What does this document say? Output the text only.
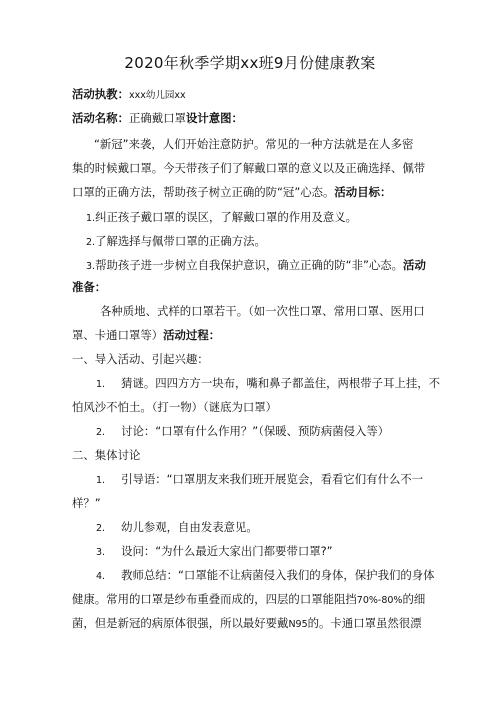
2020年秋季学期xx班9月份健康教案
活动执教：xxx幼儿园xx
活动名称：正确戴口罩设计意图：
“新冠”来袭，人们开始注意防护。常见的一种方法就是在人多密
集的时候戴口罩。今天带孩子们了解戴口罩的意义以及正确选择、佩带
口罩的正确方法，帮助孩子树立正确的防“冠”心态。活动目标：
1.纠正孩子戴口罩的误区，了解戴口罩的作用及意义。
2.了解选择与佩带口罩的正确方法。
3.帮助孩子进一步树立自我保护意识，确立正确的防“非”心态。活动
准备：
各种质地、式样的口罩若干。（如一次性口罩、常用口罩、医用口
罩、卡通口罩等）活动过程：
一、导入活动、引起兴趣：
1. 猜谜。四四方方一块布，嘴和鼻子都盖住，两根带子耳上挂，不
怕风沙不怕土。（打一物）（谜底为口罩）
2. 讨论：“口罩有什么作用？”（保暖、预防病菌侵入等）
二、集体讨论
1. 引导语：“口罩朋友来我们班开展览会，看看它们有什么不一
样？”
2. 幼儿参观，自由发表意见。
3. 设问：“为什么最近大家出门都要带口罩?”
4. 教师总结：“口罩能不让病菌侵入我们的身体，保护我们的身体
健康。常用的口罩是纱布重叠而成的，四层的口罩能阻挡70%-80%的细
菌，但是新冠的病原体很强，所以最好要戴N95的。卡通口罩虽然很漂
